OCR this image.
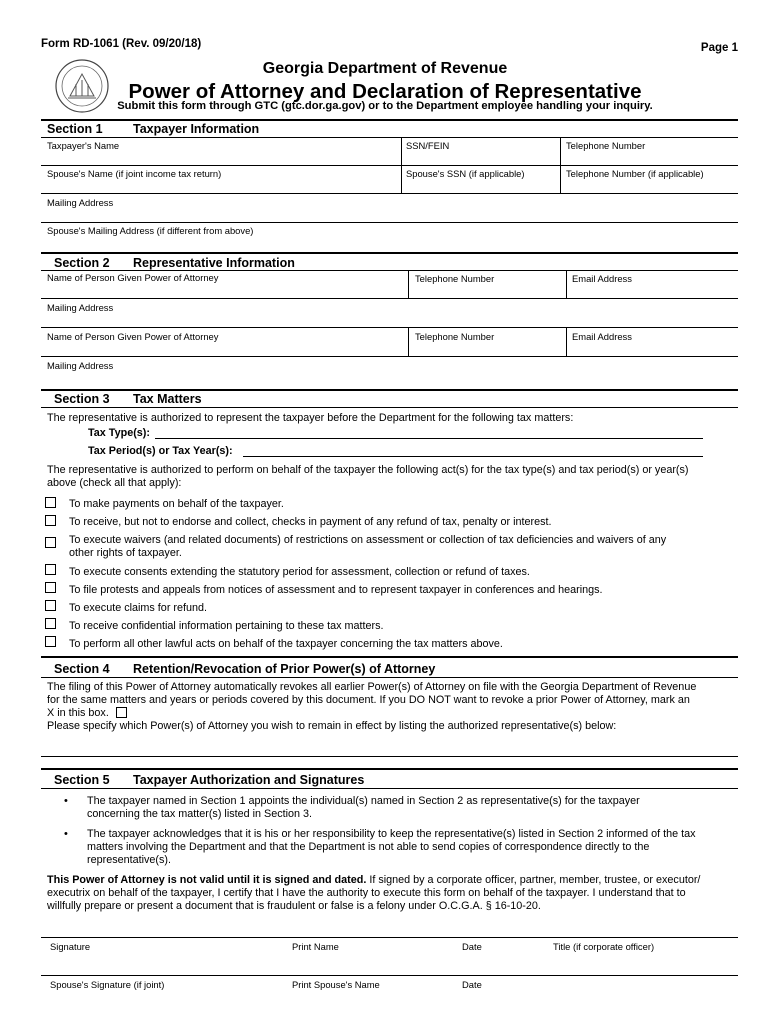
Form RD-1061 (Rev. 09/20/18)	Page 1
Georgia Department of Revenue
Power of Attorney and Declaration of Representative
Submit this form through GTC (gtc.dor.ga.gov) or to the Department employee handling your inquiry.
Section 1 Taxpayer Information
Taxpayer's Name	SSN/FEIN	Telephone Number
Spouse's Name (if joint income tax return)	Spouse's SSN (if applicable)	Telephone Number (if applicable)
Mailing Address
Spouse's Mailing Address (if different from above)
Section 2 Representative Information
Name of Person Given Power of Attorney	Telephone Number	Email Address
Mailing Address
Name of Person Given Power of Attorney	Telephone Number	Email Address
Mailing Address
Section 3 Tax Matters
The representative is authorized to represent the taxpayer before the Department for the following tax matters:
Tax Type(s):
Tax Period(s) or Tax Year(s):
The representative is authorized to perform on behalf of the taxpayer the following act(s) for the tax type(s) and tax period(s) or year(s)
above (check all that apply):
To make payments on behalf of the taxpayer.
To receive, but not to endorse and collect, checks in payment of any refund of tax, penalty or interest.
To execute waivers (and related documents) of restrictions on assessment or collection of tax deficiencies and waivers of any
other rights of taxpayer.
To execute consents extending the statutory period for assessment, collection or refund of taxes.
To file protests and appeals from notices of assessment and to represent taxpayer in conferences and hearings.
To execute claims for refund.
To receive confidential information pertaining to these tax matters.
To perform all other lawful acts on behalf of the taxpayer concerning the tax matters above.
Section 4 Retention/Revocation of Prior Power(s) of Attorney
The filing of this Power of Attorney automatically revokes all earlier Power(s) of Attorney on file with the Georgia Department of Revenue
for the same matters and years or periods covered by this document. If you DO NOT want to revoke a prior Power of Attorney, mark an
X in this box.
Please specify which Power(s) of Attorney you wish to remain in effect by listing the authorized representative(s) below:
Section 5 Taxpayer Authorization and Signatures
• The taxpayer named in Section 1 appoints the individual(s) named in Section 2 as representative(s) for the taxpayer
concerning the tax matter(s) listed in Section 3.
• The taxpayer acknowledges that it is his or her responsibility to keep the representative(s) listed in Section 2 informed of the tax
matters involving the Department and that the Department is not able to send copies of correspondence directly to the
representative(s).
This Power of Attorney is not valid until it is signed and dated. If signed by a corporate officer, partner, member, trustee, or executor/
executrix on behalf of the taxpayer, I certify that I have the authority to execute this form on behalf of the taxpayer. I understand that to
willfully prepare or present a document that is fraudulent or false is a felony under O.C.G.A. § 16-10-20.
Signature	Print Name	Date	Title (if corporate officer)
Spouse's Signature (if joint)	Print Spouse's Name	Date
